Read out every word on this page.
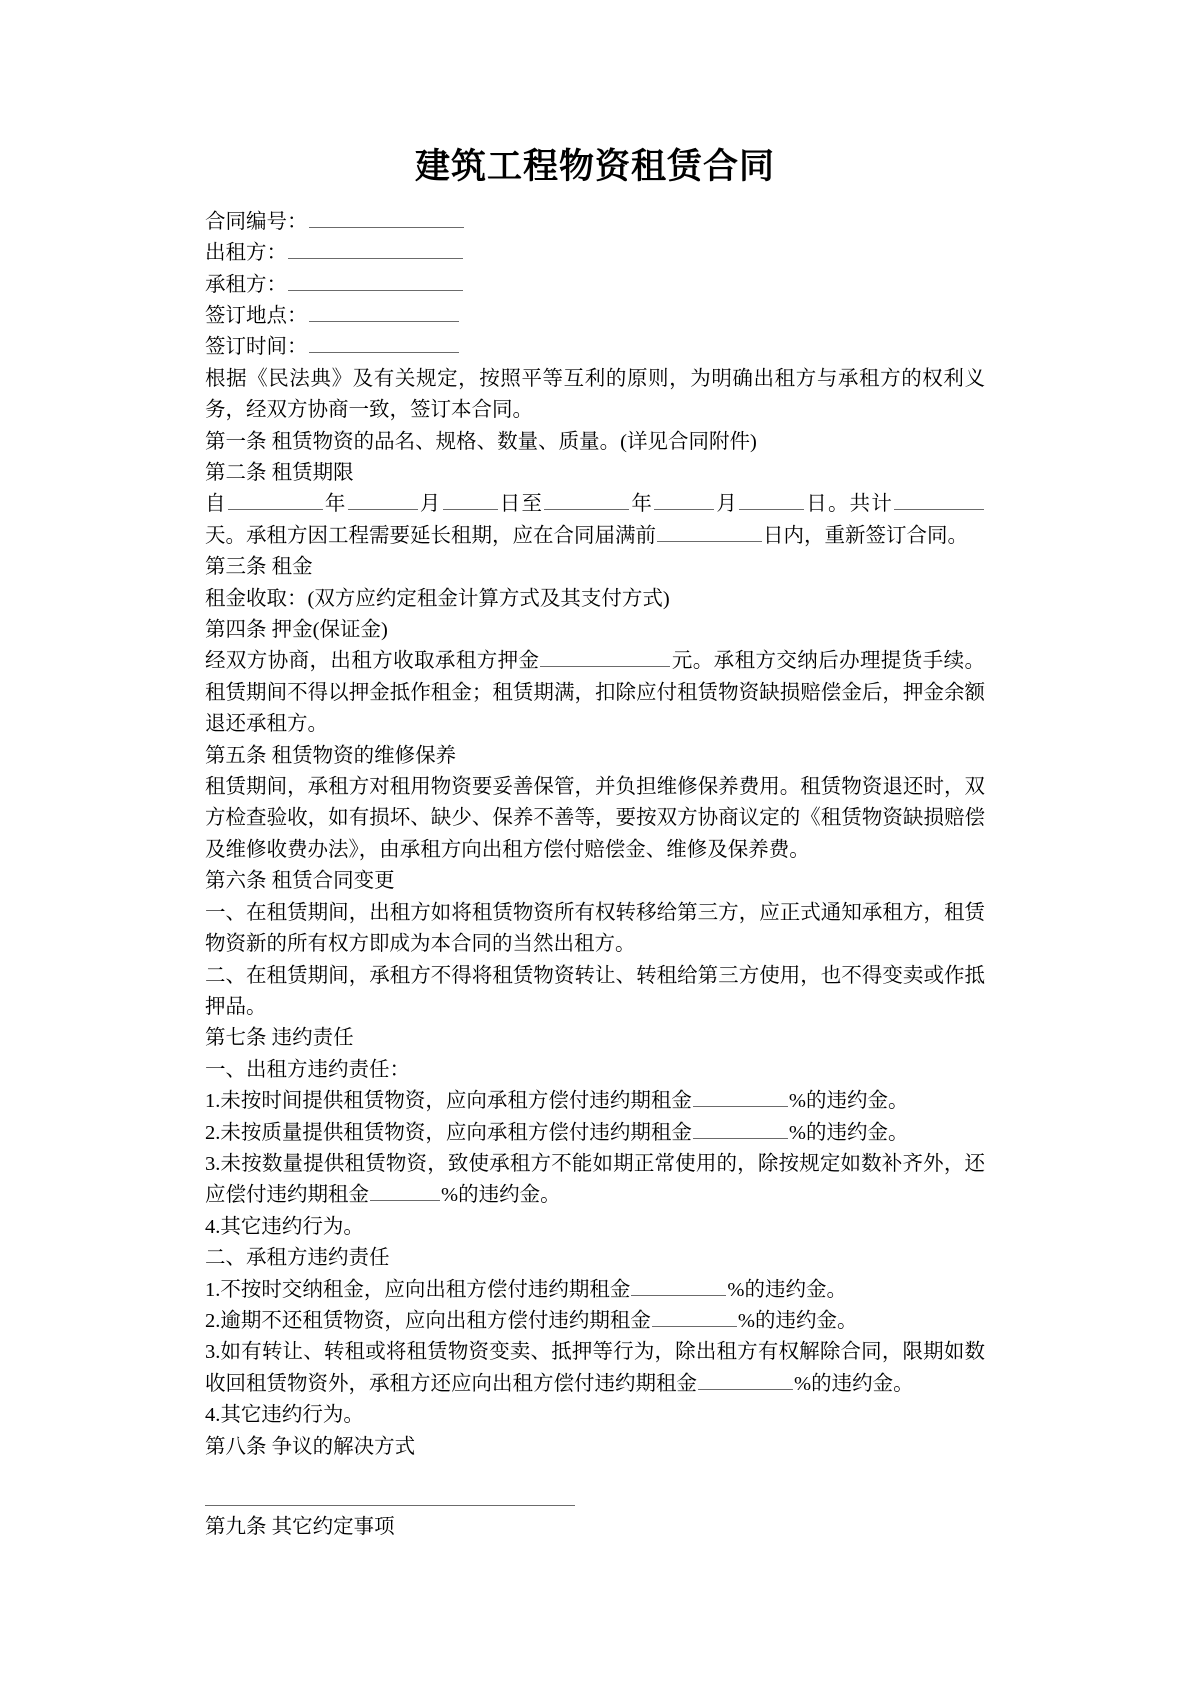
建筑工程物资租赁合同
合同编号：
出租方：
承租方：
签订地点：
签订时间：

根据《民法典》及有关规定，按照平等互利的原则，为明确出租方与承租方的权利义务，经双方协商一致，签订本合同。

第一条 租赁物资的品名、规格、数量、质量。(详见合同附件)

第二条 租赁期限

自	年	月	日至	年	月	日。共计天。承租方因工程需要延长租期，应在合同届满前	日内，重新签订合同。

第三条 租金

租金收取：(双方应约定租金计算方式及其支付方式)

第四条 押金(保证金)

经双方协商，出租方收取承租方押金	元。承租方交纳后办理提货手续。租赁期间不得以押金抵作租金；租赁期满，扣除应付租赁物资缺损赔偿金后，押金余额退还承租方。

第五条 租赁物资的维修保养

租赁期间，承租方对租用物资要妥善保管，并负担维修保养费用。租赁物资退还时，双方检查验收，如有损坏、缺少、保养不善等，要按双方协商议定的《租赁物资缺损赔偿及维修收费办法》，由承租方向出租方偿付赔偿金、维修及保养费。

第六条 租赁合同变更

一、在租赁期间，出租方如将租赁物资所有权转移给第三方，应正式通知承租方，租赁物资新的所有权方即成为本合同的当然出租方。

二、在租赁期间，承租方不得将租赁物资转让、转租给第三方使用，也不得变卖或作抵押品。

第七条 违约责任

一、出租方违约责任：

1.未按时间提供租赁物资，应向承租方偿付违约期租金	%的违约金。

2.未按质量提供租赁物资，应向承租方偿付违约期租金	%的违约金。

3.未按数量提供租赁物资，致使承租方不能如期正常使用的，除按规定如数补齐外，还应偿付违约期租金	%的违约金。

4.其它违约行为。

二、承租方违约责任

1.不按时交纳租金，应向出租方偿付违约期租金	%的违约金。

2.逾期不还租赁物资，应向出租方偿付违约期租金	%的违约金。

3.如有转让、转租或将租赁物资变卖、抵押等行为，除出租方有权解除合同，限期如数收回租赁物资外，承租方还应向出租方偿付违约期租金	%的违约金。

4.其它违约行为。

第八条 争议的解决方式

第九条 其它约定事项
